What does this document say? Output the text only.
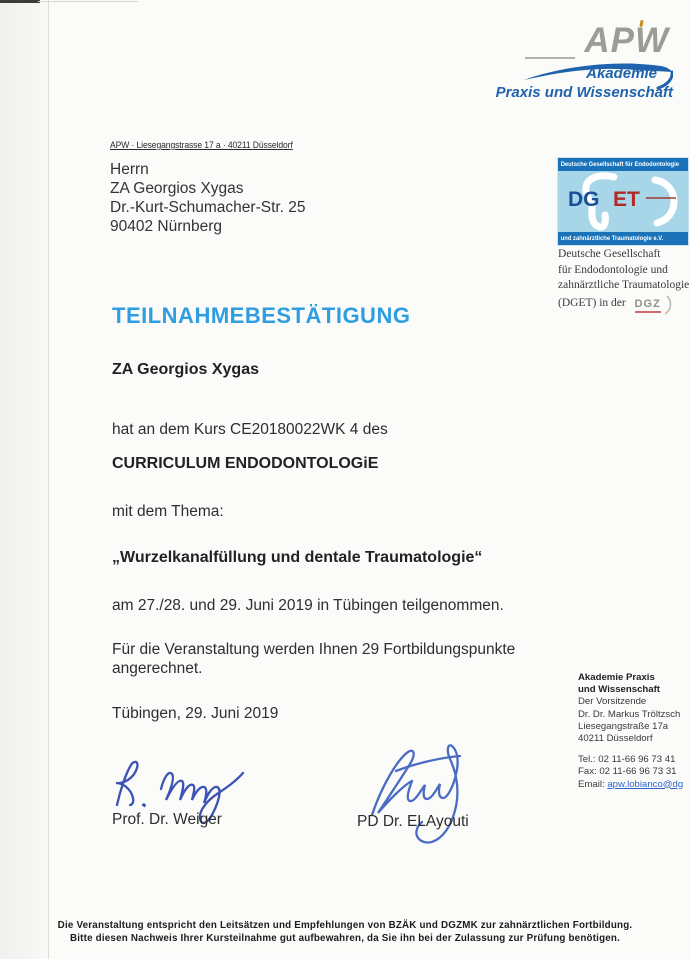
APW
Akademie
Praxis und Wissenschaft
APW · Liesegangstrasse 17 a · 40211 Düsseldorf
Herrn
ZA Georgios Xygas
Dr.-Kurt-Schumacher-Str. 25
90402 Nürnberg
Deutsche Gesellschaft für Endodontologie
DG ET
und zahnärztliche Traumatologie e.V.
Deutsche Gesellschaft
für Endodontologie und
zahnärztliche Traumatologie
(DGET) in der DGZ
TEILNAHMEBESTÄTIGUNG
ZA Georgios Xygas
hat an dem Kurs CE20180022WK 4 des
CURRICULUM ENDODONTOLOGiE
mit dem Thema:
„Wurzelkanalfüllung und dentale Traumatologie“
am 27./28. und 29. Juni 2019 in Tübingen teilgenommen.
Für die Veranstaltung werden Ihnen 29 Fortbildungspunkte
angerechnet.
Tübingen, 29. Juni 2019
Akademie Praxis
und Wissenschaft
Der Vorsitzende
Dr. Dr. Markus Tröltzsch
Liesegangstraße 17a
40211 Düsseldorf
Tel.: 02 11-66 96 73 41
Fax: 02 11-66 96 73 31
Email: apw.lobianco@dg
Prof. Dr. Weiger	PD Dr. ELAyouti
Die Veranstaltung entspricht den Leitsätzen und Empfehlungen von BZÄK und DGZMK zur zahnärztlichen Fortbildung.
Bitte diesen Nachweis Ihrer Kursteilnahme gut aufbewahren, da Sie ihn bei der Zulassung zur Prüfung benötigen.
